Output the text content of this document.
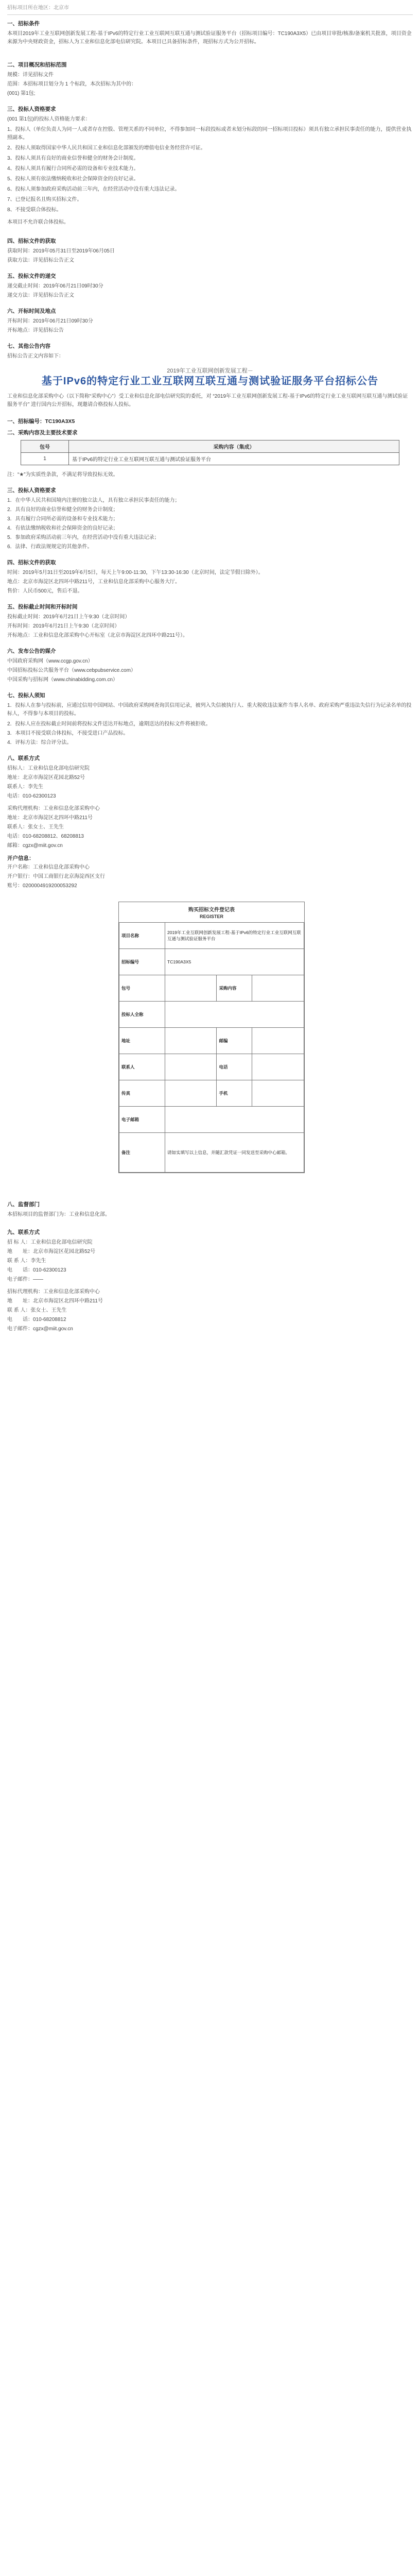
招标项目所在地区：北京市
一、招标条件
本项目2019年工业互联网创新发展工程-基于IPv6的特定行业工业互联网互联互通与测试验证服务平台（招标项目编号：TC190A3X5）已由项目审批/核准/备案机关批准，项目资金来源为中央财政资金，招标人为工业和信息化部电信研究院。本项目已具备招标条件，现招标方式为公开招标。
二、项目概况和招标范围
规模：详见招标文件
范围：本招标项目划分为 1 个标段，本次招标为其中的：
(001) 第1包;
三、投标人资格要求
(001 第1包)的投标人资格能力要求：
1、投标人（单位负责人为同一人或者存在控股、管理关系的不同单位，不得参加同一标段投标或者未划分标段的同一招标项目投标）须具有独立承担民事责任的能力，提供营业执照副本。
2、投标人须取得国家中华人民共和国工业和信息化部颁发的增值电信业务经营许可证。
3、投标人须具有良好的商业信誉和健全的财务会计制度。
4、投标人须具有履行合同所必需的设备和专业技术能力。
5、投标人须有依法缴纳税收和社会保障资金的良好记录。
6、投标人须参加政府采购活动前三年内，在经营活动中没有重大违法记录。
7、已登记报名且购买招标文件。
8、不接受联合体投标。
本项目不允许联合体投标。
四、招标文件的获取
获取时间：2019年05月31日至2019年06月05日
获取方法：详见招标公告正文
五、投标文件的递交
递交截止时间：2019年06月21日09时30分
递交方法：详见招标公告正文
六、开标时间及地点
开标时间：2019年06月21日09时30分
开标地点：详见招标公告
七、其他公告内容
招标公告正文内容如下：
2019年工业互联网创新发展工程－
基于IPv6的特定行业工业互联网互联互通与测试验证服务平台招标公告
工业和信息化部采购中心（以下简称“采购中心”）受工业和信息化部电信研究院的委托，对 “2019年工业互联网创新发展工程-基于IPv6的特定行业工业互联网互联互通与测试验证服务平台” 进行国内公开招标，现邀请合格投标人投标。
一、招标编号：TC190A3X5
二、采购内容及主要技术要求
包号	采购内容（集成）
1	基于IPv6的特定行业工业互联网互联互通与测试验证服务平台
注：“★”为实质性条款，不满足将导致投标无效。
三、投标人资格要求
1．在中华人民共和国境内注册的独立法人，具有独立承担民事责任的能力；
2．具有良好的商业信誉和健全的财务会计制度；
3．具有履行合同所必需的设备和专业技术能力；
4．有依法缴纳税收和社会保障资金的良好记录；
5．参加政府采购活动前三年内，在经营活动中没有重大违法记录；
6．法律、行政法规规定的其他条件。
四、招标文件的获取
时间：2019年5月31日至2019年6月5日，每天上午9:00-11:30，下午13:30-16:30（北京时间，法定节假日除外）。
地点：北京市海淀区北四环中路211号，工业和信息化部采购中心服务大厅。
售价：人民币500元，售后不退。
五、投标截止时间和开标时间
投标截止时间：2019年6月21日上午9:30（北京时间）
开标时间：2019年6月21日上午9:30（北京时间）
开标地点：工业和信息化部采购中心开标室（北京市海淀区北四环中路211号）。
六、发布公告的媒介
中国政府采购网（www.ccgp.gov.cn）
中国招标投标公共服务平台（www.cebpubservice.com）
中国采购与招标网（www.chinabidding.com.cn）
七、投标人须知
1．投标人在参与投标前，应通过信用中国网站、中国政府采购网查询其信用记录，被列入失信被执行人、重大税收违法案件当事人名单、政府采购严重违法失信行为记录名单的投标人，不得参与本项目的投标。
2．投标人应在投标截止时间前将投标文件送达开标地点，逾期送达的投标文件将被拒收。
3．本项目不接受联合体投标，不接受进口产品投标。
4．评标方法：综合评分法。
八、联系方式
招标人：工业和信息化部电信研究院
地址：北京市海淀区花园北路52号
联系人：李先生
电话：010-62300123
采购代理机构：工业和信息化部采购中心
地址：北京市海淀区北四环中路211号
联系人：张女士、王先生
电话：010-68208812、68208813
邮箱：cgzx@miit.gov.cn
开户信息：
开户名称：工业和信息化部采购中心
开户银行：中国工商银行北京海淀西区支行
账号：0200004919200053292
购买招标文件登记表
REGISTER
项目名称	2019年工业互联网创新发展工程-基于IPv6的特定行业工业互联网互联互通与测试验证服务平台		
招标编号	TC190A3X5		
包号		采购内容	
投标人全称			
地址		邮编	
联系人		电话	
传真		手机	
电子邮箱			
备注	请如实填写以上信息，并随汇款凭证一同发送至采购中心邮箱。		
八、监督部门
本招标项目的监督部门为：工业和信息化部。
九、联系方式
招 标 人：工业和信息化部电信研究院
地　　址：北京市海淀区花园北路52号
联 系 人：李先生
电　　话：010-62300123
电子邮件：——
招标代理机构：工业和信息化部采购中心
地　　址：北京市海淀区北四环中路211号
联 系 人：张女士、王先生
电　　话：010-68208812
电子邮件：cgzx@miit.gov.cn
